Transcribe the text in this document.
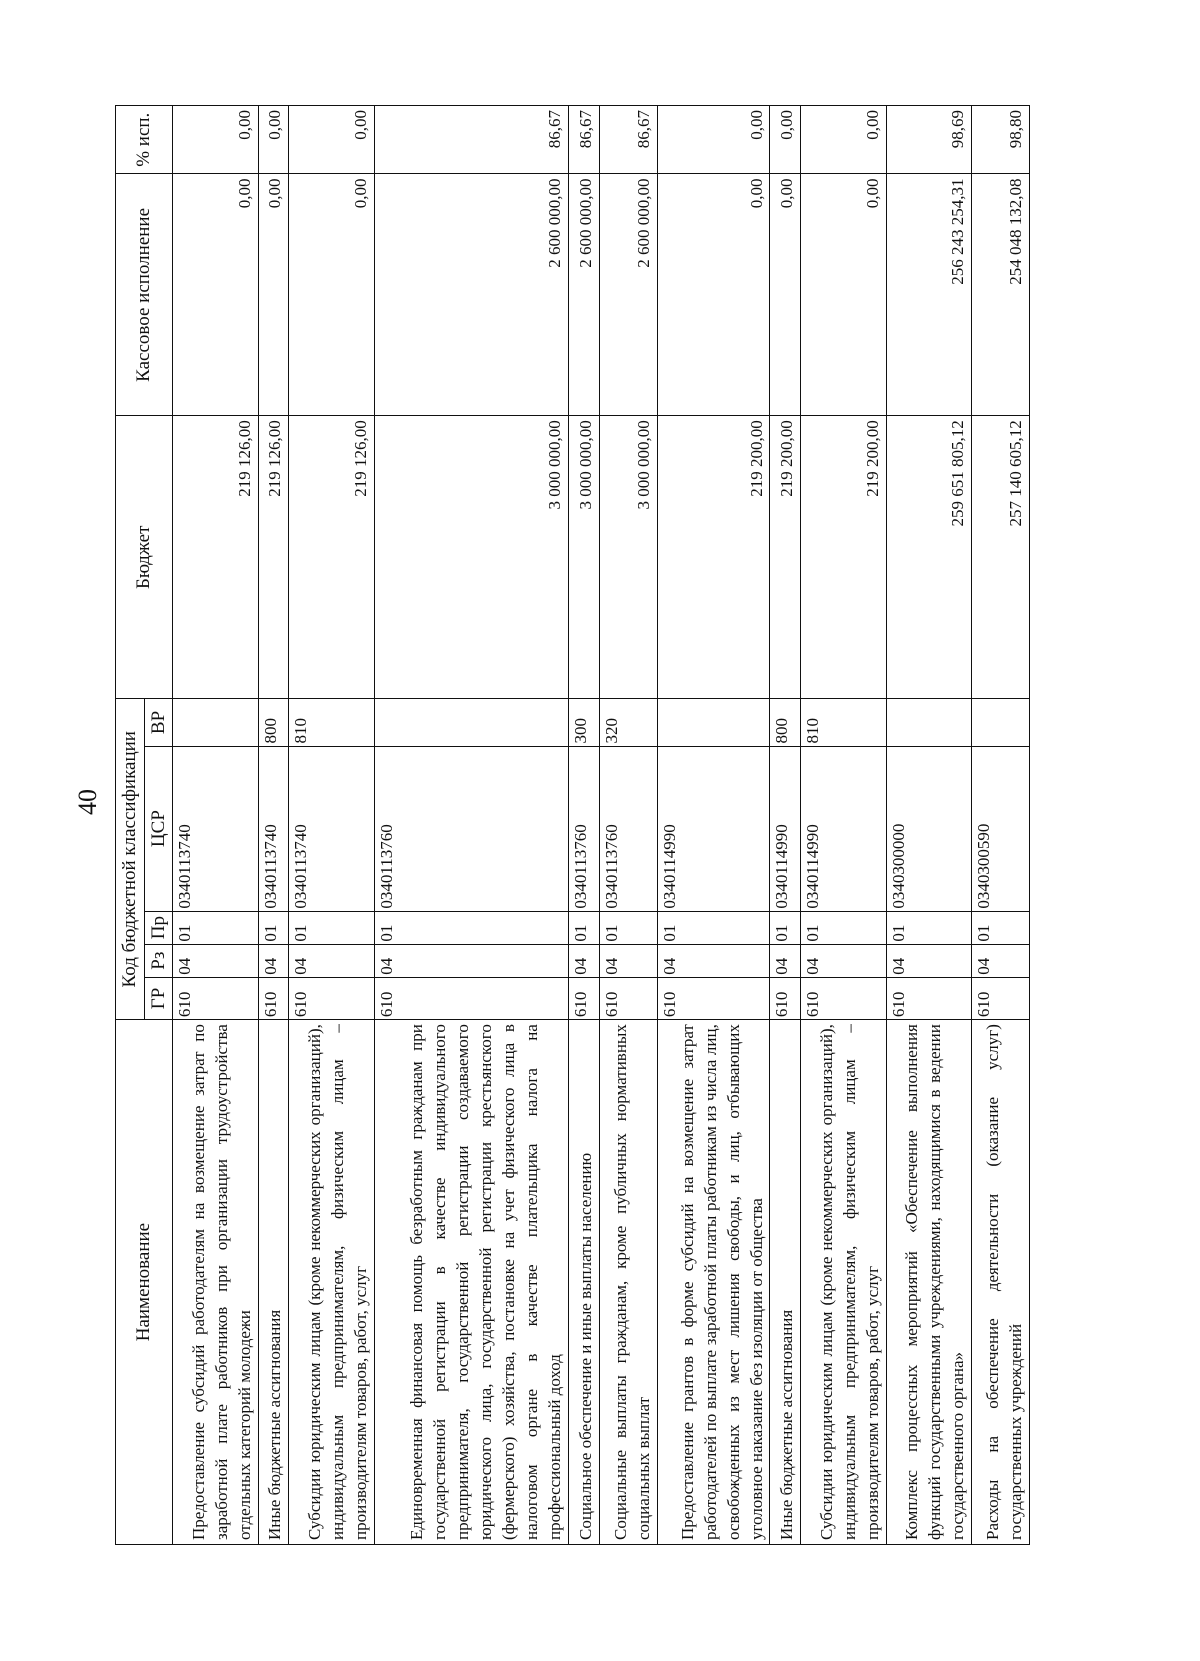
40
Наименование	Код бюджетной классификации					Бюджет	Кассовое исполнение	% исп.
	ГР	Рз	Пр	ЦСР	ВР			
Предоставление субсидий работодателям на возмещение затрат по заработной плате работников при организации трудоустройства отдельных категорий молодежи	610	04	01	0340113740		219 126,00	0,00	0,00
Иные бюджетные ассигнования	610	04	01	0340113740	800	219 126,00	0,00	0,00
Субсидии юридическим лицам (кроме некоммерческих организаций), индивидуальным предпринимателям, физическим лицам – производителям товаров, работ, услуг	610	04	01	0340113740	810	219 126,00	0,00	0,00
Единовременная финансовая помощь безработным гражданам при государственной регистрации в качестве индивидуального предпринимателя, государственной регистрации создаваемого юридического лица, государственной регистрации крестьянского (фермерского) хозяйства, постановке на учет физического лица в налоговом органе в качестве плательщика налога на профессиональный доход	610	04	01	0340113760		3 000 000,00	2 600 000,00	86,67
Социальное обеспечение и иные выплаты населению	610	04	01	0340113760	300	3 000 000,00	2 600 000,00	86,67
Социальные выплаты гражданам, кроме публичных нормативных социальных выплат	610	04	01	0340113760	320	3 000 000,00	2 600 000,00	86,67
Предоставление грантов в форме субсидий на возмещение затрат работодателей по выплате заработной платы работникам из числа лиц, освобожденных из мест лишения свободы, и лиц, отбывающих уголовное наказание без изоляции от общества	610	04	01	0340114990		219 200,00	0,00	0,00
Иные бюджетные ассигнования	610	04	01	0340114990	800	219 200,00	0,00	0,00
Субсидии юридическим лицам (кроме некоммерческих организаций), индивидуальным предпринимателям, физическим лицам – производителям товаров, работ, услуг	610	04	01	0340114990	810	219 200,00	0,00	0,00
Комплекс процессных мероприятий «Обеспечение выполнения функций государственными учреждениями, находящимися в ведении государственного органа»	610	04	01	0340300000		259 651 805,12	256 243 254,31	98,69
Расходы на обеспечение деятельности (оказание услуг) государственных учреждений	610	04	01	0340300590		257 140 605,12	254 048 132,08	98,80
